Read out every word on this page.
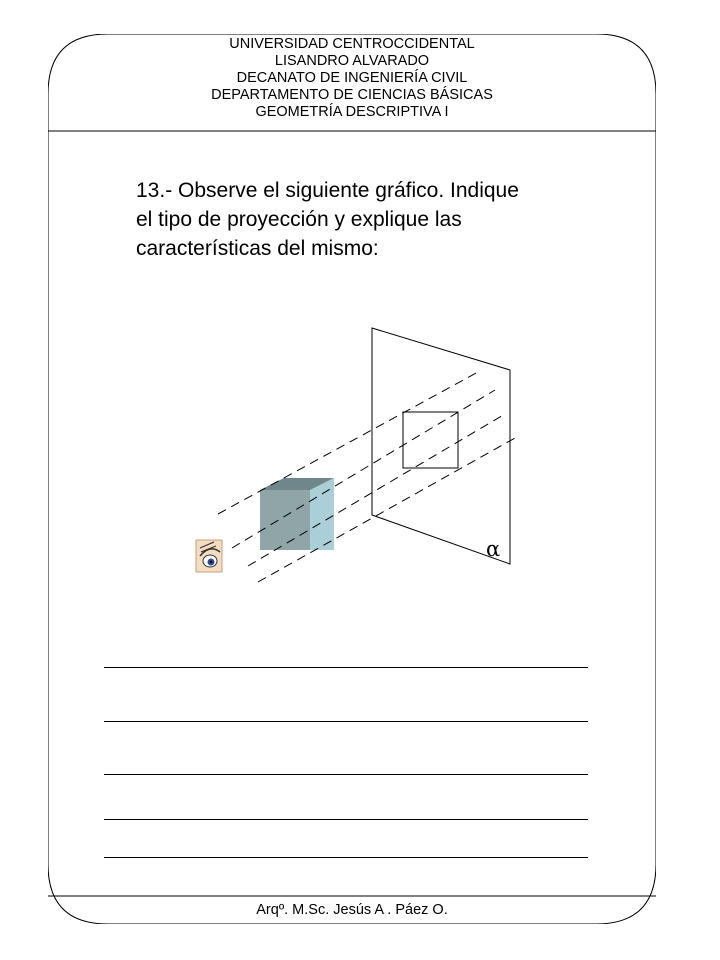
UNIVERSIDAD CENTROCCIDENTAL
LISANDRO ALVARADO
DECANATO DE INGENIERÍA CIVIL
DEPARTAMENTO DE CIENCIAS BÁSICAS
GEOMETRÍA DESCRIPTIVA I
13.- Observe el siguiente gráfico. Indique
el tipo de proyección y explique las
características del mismo:
α
Arqº. M.Sc. Jesús A . Páez O.
